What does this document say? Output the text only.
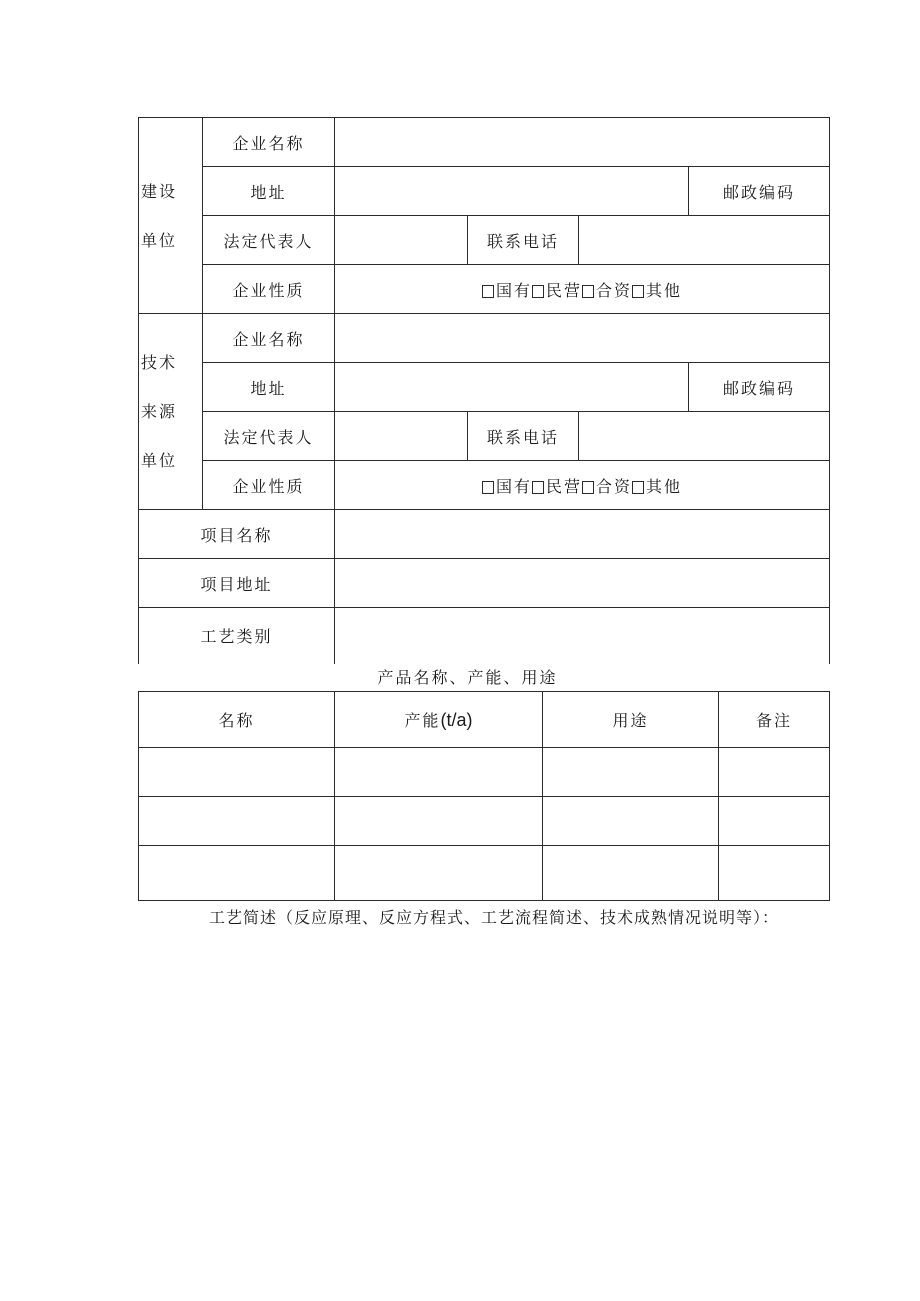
建设
单位	企业名称					
	地址				邮政编码	
	法定代表人		联系电话			
	企业性质	国有 民营 合资 其他				

技术
来源
单位	企业名称					
	地址				邮政编码	
	法定代表人		联系电话			
	企业性质	国有 民营 合资 其他				
项目名称						
项目地址						
工艺类别						
产品名称、产能、用途
名称	产能(t/a)	用途	备注

工艺简述（反应原理、反应方程式、工艺流程简述、技术成熟情况说明等）：
